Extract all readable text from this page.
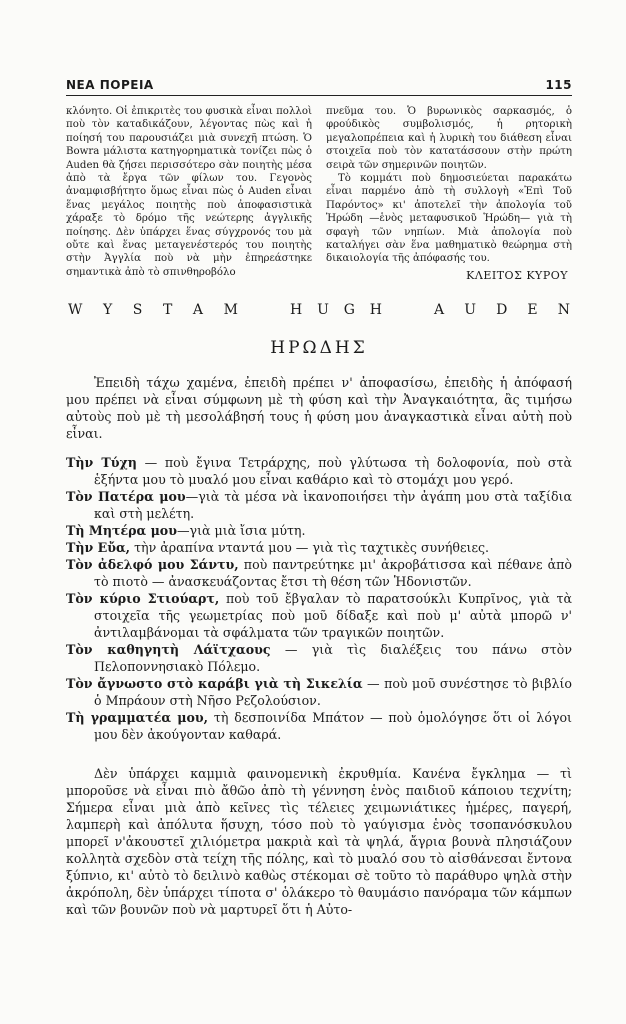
ΝΕΑ ΠΟΡΕΙΑ	115

κλόνητο. Οἱ ἐπικριτὲς του φυσικὰ εἶναι πολλοὶ ποὺ τὸν καταδικάζουν, λέγοντας πὼς καὶ ἡ ποίησή του παρουσιάζει μιὰ συνεχῆ πτώση. Ὁ Bowra μάλιστα κατηγορηματικὰ τονίζει πὼς ὁ Auden θὰ ζήσει περισσότερο σὰν ποιητὴς μέσα ἀπὸ τὰ ἔργα τῶν φίλων του. Γεγονὸς ἀναμφισβήτητο ὅμως εἶναι πὼς ὁ Auden εἶναι ἕνας μεγάλος ποιητὴς ποὺ ἀποφασιστικὰ χάραξε τὸ δρόμο τῆς νεώτερης ἀγγλικῆς ποίησης. Δὲν ὑπάρχει ἕνας σύγχρονός του μὰ οὔτε καὶ ἕνας μεταγενέστερός του ποιητὴς στὴν Ἀγγλία ποὺ νὰ μὴν ἐπηρεάστηκε σημαντικὰ ἀπὸ τὸ σπινθηροβόλο

πνεῦμα του. Ὁ βυρωνικὸς σαρκασμός, ὁ φρούδικὸς συμβολισμός, ἡ ρητορικὴ μεγαλοπρέπεια καὶ ἡ λυρικὴ του διάθεση εἶναι στοιχεῖα ποὺ τὸν κατατάσσουν στὴν πρώτη σειρὰ τῶν σημερινῶν ποιητῶν.

Τὸ κομμάτι ποὺ δημοσιεύεται παρακάτω εἶναι παρμένο ἀπὸ τὴ συλλογὴ «Ἐπὶ Τοῦ Παρόντος» κι' ἀποτελεῖ τὴν ἀπολογία τοῦ Ἡρώδη —ἑνὸς μεταφυσικοῦ Ἡρώδη— γιὰ τὴ σφαγὴ τῶν νηπίων. Μιὰ ἀπολογία ποὺ καταλήγει σὰν ἕνα μαθηματικὸ θεώρημα στὴ δικαιολογία τῆς ἀπόφασής του.

ΚΛΕΙΤΟΣ ΚΥΡΟΥ
W Y S T A M	H U G H	A U D E N
ΗΡΩΔΗΣ

Ἐπειδὴ τάχω χαμένα, ἐπειδὴ πρέπει ν' ἀποφασίσω, ἐπειδὴς ἡ ἀπόφασή μου πρέπει νὰ εἶναι σύμφωνη μὲ τὴ φύση καὶ τὴν Ἀναγκαιότητα, ἂς τιμήσω αὐτοὺς ποὺ μὲ τὴ μεσολάβησή τους ἡ φύση μου ἀναγκαστικὰ εἶναι αὐτὴ ποὺ εἶναι.

Τὴν Τύχη — ποὺ ἔγινα Τετράρχης, ποὺ γλύτωσα τὴ δολοφονία, ποὺ στὰ ἑξήντα μου τὸ μυαλό μου εἶναι καθάριο καὶ τὸ στομάχι μου γερό.
Τὸν Πατέρα μου—γιὰ τὰ μέσα νὰ ἱκανοποιήσει τὴν ἀγάπη μου στὰ ταξίδια καὶ στὴ μελέτη.
Τὴ Μητέρα μου—γιὰ μιὰ ἴσια μύτη.
Τὴν Εὔα, τὴν ἀραπίνα νταντά μου — γιὰ τὶς ταχτικὲς συνήθειες.
Τὸν ἀδελφό μου Σάντυ, ποὺ παντρεύτηκε μι' ἀκροβάτισσα καὶ πέθανε ἀπὸ τὸ πιοτὸ — ἀνασκευάζοντας ἔτσι τὴ θέση τῶν Ἡδονιστῶν.
Τὸν κύριο Στιούαρτ, ποὺ τοῦ ἔβγαλαν τὸ παρατσούκλι Κυπρῖνος, γιὰ τὰ στοιχεῖα τῆς γεωμετρίας ποὺ μοῦ δίδαξε καὶ ποὺ μ' αὐτὰ μπορῶ ν' ἀντιλαμβάνομαι τὰ σφάλματα τῶν τραγικῶν ποιητῶν.
Τὸν καθηγητὴ Λάϊτχαους — γιὰ τὶς διαλέξεις του πάνω στὸν Πελοποννησιακὸ Πόλεμο.
Τὸν ἄγνωστο στὸ καράβι γιὰ τὴ Σικελία — ποὺ μοῦ συνέστησε τὸ βιβλίο ὁ Μπράουν στὴ Νῆσο Ρεζολούσιον.
Τὴ γραμματέα μου, τὴ δεσποινίδα Μπάτον — ποὺ ὁμολόγησε ὅτι οἱ λόγοι μου δὲν ἀκούγονταν καθαρά.

Δὲν ὑπάρχει καμμιὰ φαινομενικὴ ἐκρυθμία. Κανένα ἔγκλημα — τὶ μποροῦσε νὰ εἶναι πιὸ ἄθῶο ἀπὸ τὴ γέννηση ἑνὸς παιδιοῦ κάποιου τεχνίτη; Σήμερα εἶναι μιὰ ἀπὸ κεῖνες τὶς τέλειες χειμωνιάτικες ἡμέρες, παγερή, λαμπερὴ καὶ ἀπόλυτα ἥσυχη, τόσο ποὺ τὸ γαύγισμα ἑνὸς τσοπανόσκυλου μπορεῖ ν'ἀκουστεῖ χιλιόμετρα μακριὰ καὶ τὰ ψηλά, ἄγρια βουνὰ πλησιάζουν κολλητὰ σχεδὸν στὰ τείχη τῆς πόλης, καὶ τὸ μυαλό σου τὸ αἰσθάνεσαι ἔντονα ξύπνιο, κι' αὐτὸ τὸ δειλινὸ καθὼς στέκομαι σὲ τοῦτο τὸ παράθυρο ψηλὰ στὴν ἀκρόπολη, δὲν ὑπάρχει τίποτα σ' ὁλάκερο τὸ θαυμάσιο πανόραμα τῶν κάμπων καὶ τῶν βουνῶν ποὺ νὰ μαρτυρεῖ ὅτι ἡ Αὐτο-
